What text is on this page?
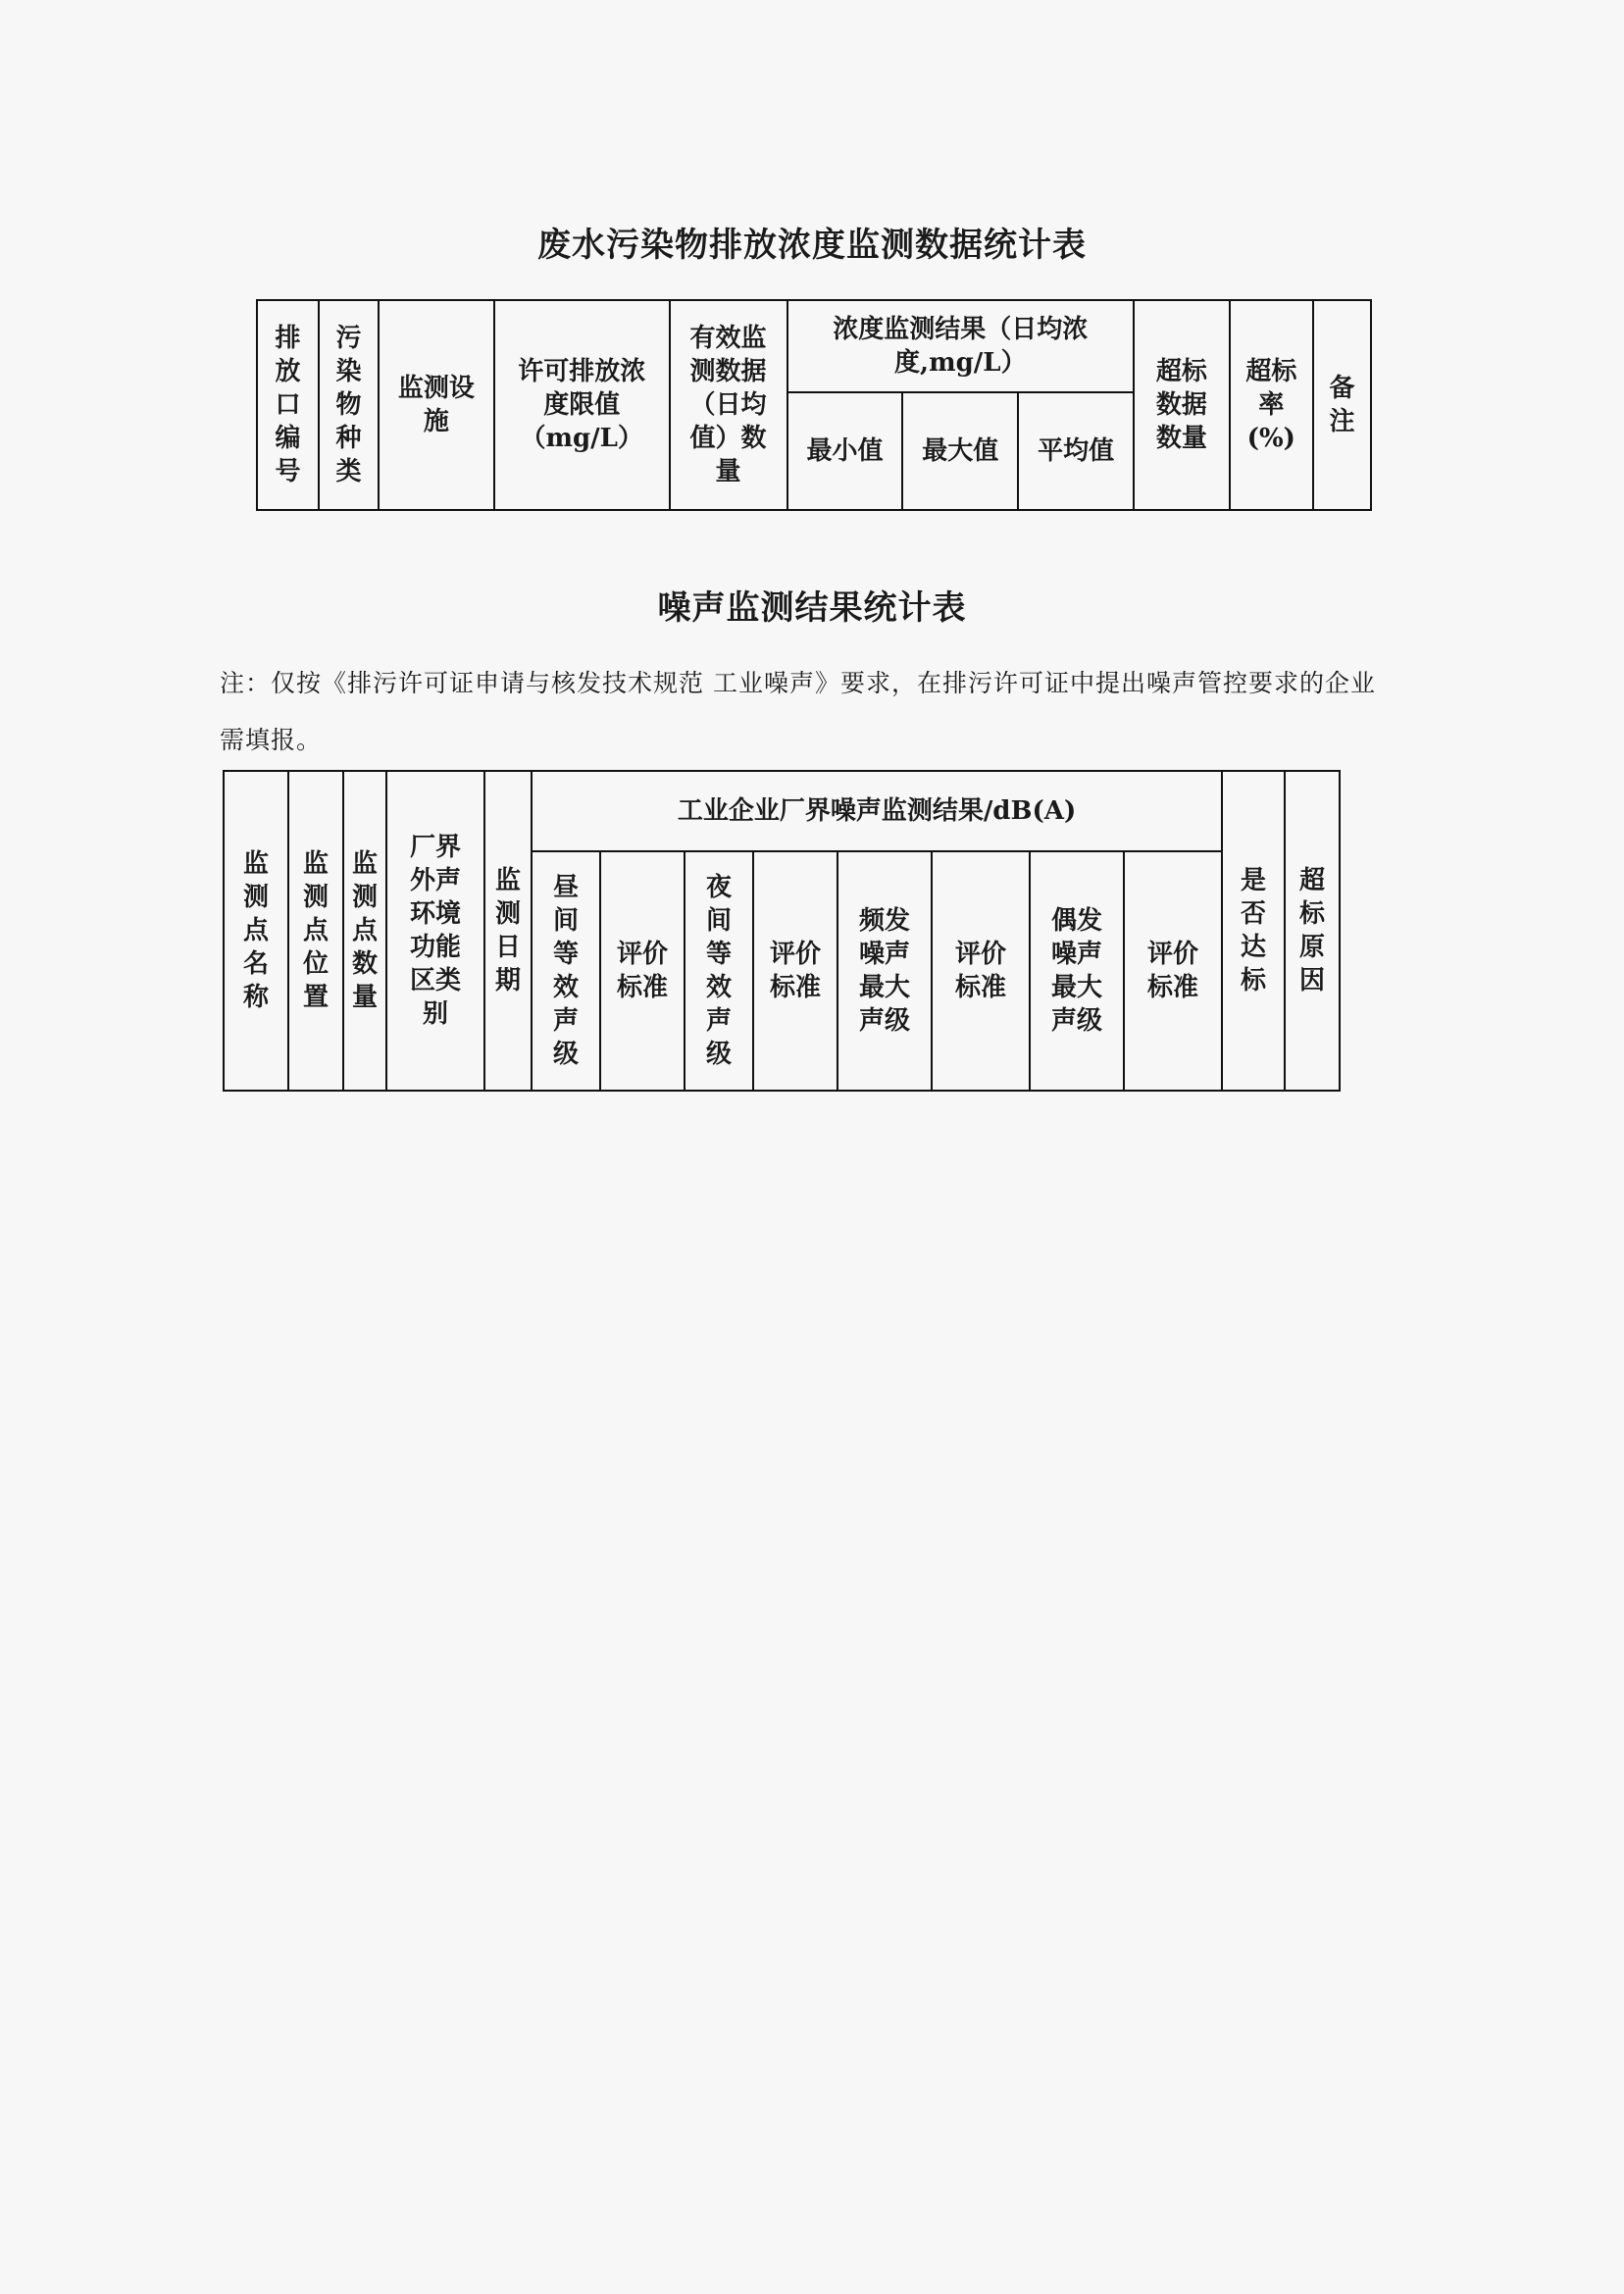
废水污染物排放浓度监测数据统计表
排放口编号	污染物种类	监测设施	许可排放浓度限值（mg/L）	有效监测数据（日均值）数量	浓度监测结果（日均浓度,mg/L）			超标数据数量	超标率(%)	备注
					最小值	最大值	平均值			
噪声监测结果统计表
注：仅按《排污许可证申请与核发技术规范 工业噪声》要求，在排污许可证中提出噪声管控要求的企业需填报。
监测点名称	监测点位置	监测点数量	厂界外声环境功能区类别	监测日期	工业企业厂界噪声监测结果/dB(A)								是否达标	超标原因
					昼间等效声级	评价标准	夜间等效声级	评价标准	频发噪声最大声级	评价标准	偶发噪声最大声级	评价标准		
